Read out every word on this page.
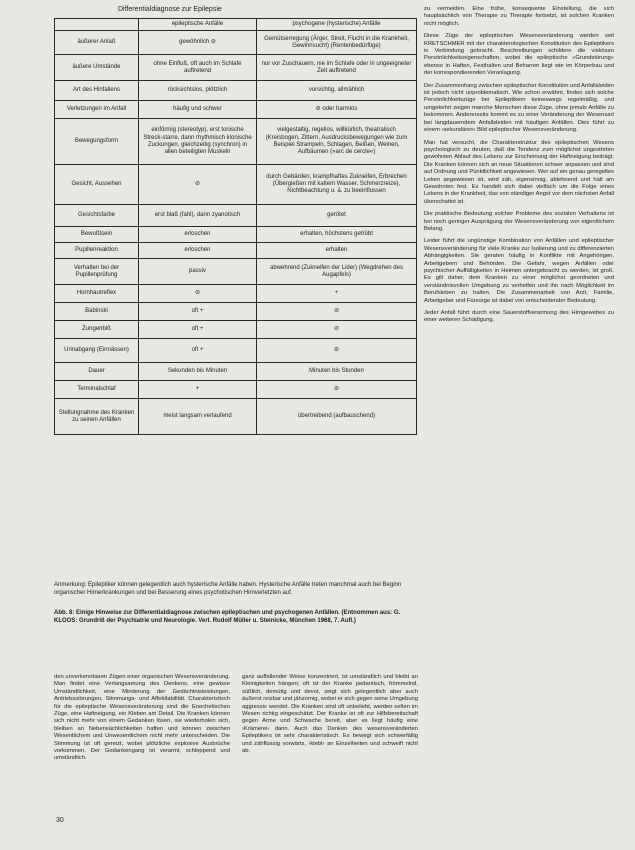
Differentialdiagnose zur Epilepsie
	epileptische Anfälle	psychogene (hysterische) Anfälle
äußerer Anlaß	gewöhnlich ⊘	Gemütserregung (Ärger, Streit, Flucht in die Krankheit, Gewinnsucht) (Rentenbedürftige)
äußere Umstände	ohne Einfluß, oft auch im Schlafe auftretend	nur vor Zuschauern, nie im Schlafe oder in ungeeigneter Zeit auftretend
Art des Hinfallens	rücksichtslos, plötzlich	vorsichtig, allmählich
Verletzungen im Anfall	häufig und schwer	⊘ oder harmlos
Bewegungsform	einförmig (stereotyp), erst tonische Streck-starre, dann rhythmisch klonische Zuckungen, gleichzeitig (synchron) in allen beteiligten Muskeln	vielgestaltig, regellos, willkürlich, theatralisch (Kreisbogen, Zittern, Ausdrucksbewegungen wie zum Beispiel Strampeln, Schlagen, Beißen, Weinen, Aufbäumen (»arc de cercle«)
Gesicht, Aussehen	⊘	durch Gebärden, krampfhaftes Zukneifen, Erbrechen (Übergießen mit kaltem Wasser, Schmerzreize), Nichtbeachtung u. ä. zu beeinflussen
Gesichtsfarbe	erst blaß (fahl), dann zyanotisch	gerötet
Bewußtsein	erloschen	erhalten, höchstens getrübt
Pupillenreaktion	erloschen	erhalten
Verhalten bei der Pupillenprüfung	passiv	abwehrend (Zukneifen der Lider) (Wegdrehen des Augapfels)
Hornhautreflex	⊘	+
Babinski	oft +	⊘
Zungenbiß	oft +	⊘
Urinabgang (Einnässen)	oft +	⊘
Dauer	Sekunden bis Minuten	Minuten bis Stunden
Terminalschlaf	+	⊘
Stellungnahme des Kranken zu seinen Anfällen	meist langsam verlaufend	übertreibend (aufbauschend)

Anmerkung: Epileptiker können gelegentlich auch hysterische Anfälle haben. Hysterische Anfälle treten manchmal auch bei Beginn organischer Hirnerkrankungen und bei Besserung eines psychotischen Hirnverletzten auf.

Abb. 8: Einige Hinweise zur Differentialdiagnose zwischen epileptischen und psychogenen Anfällen. (Entnommen aus: G. KLOOS: Grundriß der Psychiatrie und Neurologie. Verl. Rudolf Müller u. Steinicke, München 1968, 7. Aufl.)

den unverkennbaren Zügen einer organischen Wesensveränderung. Man findet eine Verlangsamung des Denkens, eine gewisse Umständlichkeit, eine Minderung der Gedächtnisleistungen, Antriebsstörungen, Stimmungs- und Affektlabilität. Charakteristisch für die epileptische Wesensveränderung sind die Enechetischen Züge, eine Haftneigung, ein Kleben am Detail. Die Kranken können sich nicht mehr von einem Gedanken lösen, sie wiederholen sich, bleiben an Nebensächlichkeiten haften und können zwischen Wesentlichem und Unwesentlichem nicht mehr unterscheiden. Die Stimmung ist oft gereizt, wobei plötzliche explosive Ausbrüche vorkommen. Der Gedankengang ist verarmt, schleppend und umständlich.

ganz auffallender Weise konzentriert, ist umständlich und bleibt an Kleinigkeiten hängen; oft ist der Kranke pedantisch, frömmelnd, süßlich, demütig und devot, zeigt sich gelegentlich aber auch äußerst reizbar und jähzornig, wobei er sich gegen seine Umgebung aggressiv wendet. Die Kranken sind oft unbeliebt, werden selten im Wesen richtig eingeschätzt. Der Kranke ist oft zur Hilfsbereitschaft gegen Arme und Schwache bereit, aber es liegt häufig eine ›Krämerei‹ darin. Auch das Denken des wesensveränderten Epileptikers ist sehr charakteristisch. Es bewegt sich schwerfällig und zähflüssig vorwärts, ›klebt‹ an Einzelheiten und schweift nicht ab.

zu vermeiden. Eine frühe, konsequente Einstellung, die sich hauptsächlich von Therapie zu Therapie fortsetzt, ist solchen Kranken nicht möglich.

Diese Züge der epileptischen Wesensveränderung werden seit KRETSCHMER mit der charakterologischen Konstitution des Epileptikers in Verbindung gebracht. Beschreibungen schildern die viskösen Persönlichkeitseigenschaften, wobei die epileptische »Grundstörung« ebenso in Haften, Festhalten und Beharren liegt wie im Körperbau und der korrespondierenden Veranlagung.

Der Zusammenhang zwischen epileptischer Konstitution und Anfallsleiden ist jedoch nicht unproblematisch. Wie schon erwähnt, finden sich solche Persönlichkeitszüge bei Epileptikern keineswegs regelmäßig, und umgekehrt zeigen manche Menschen diese Züge, ohne jemals Anfälle zu bekommen. Andererseits kommt es zu einer Veränderung der Wesensart bei langdauerndem Anfallsleiden mit häufigen Anfällen. Dies führt zu einem ›sekundären‹ Bild epileptischer Wesensveränderung.

Man hat versucht, die Charakterstruktur des epileptischen Wesens psychologisch zu deuten, daß die Tendenz zum möglichst ungestörten gewohnten Ablauf des Lebens zur Erscheinung der Haftneigung beiträgt. Die Kranken können sich an neue Situationen schwer anpassen und sind auf Ordnung und Pünktlichkeit angewiesen. Wer auf ein genau geregeltes Leben angewiesen ist, wird zäh, eigensinnig, ablehnend und hält am Gewohnten fest. Es handelt sich dabei vielfach um die Folge eines Lebens in der Krankheit, das von ständiger Angst vor dem nächsten Anfall überschattet ist.

Die praktische Bedeutung solcher Probleme des sozialen Verhaltens ist bei noch geringer Ausprägung der Wesensveränderung von eigentlichem Belang.

Leider führt die ungünstige Kombination von Anfällen und epileptischer Wesensveränderung für viele Kranke zur Isolierung und zu differenzierten Abhängigkeiten. Sie geraten häufig in Konflikte mit Angehörigen, Arbeitgebern und Behörden. Die Gefahr, wegen Anfällen oder psychischer Auffälligkeiten in Heimen untergebracht zu werden, ist groß. Es gilt daher, dem Kranken zu einer möglichst geordneten und verständnisvollen Umgebung zu verhelfen und ihn nach Möglichkeit im Berufsleben zu halten. Die Zusammenarbeit von Arzt, Familie, Arbeitgeber und Fürsorge ist dabei von entscheidender Bedeutung.

Jeder Anfall führt durch eine Sauerstoffverarmung des Hirngewebes zu einer weiteren Schädigung.

30
